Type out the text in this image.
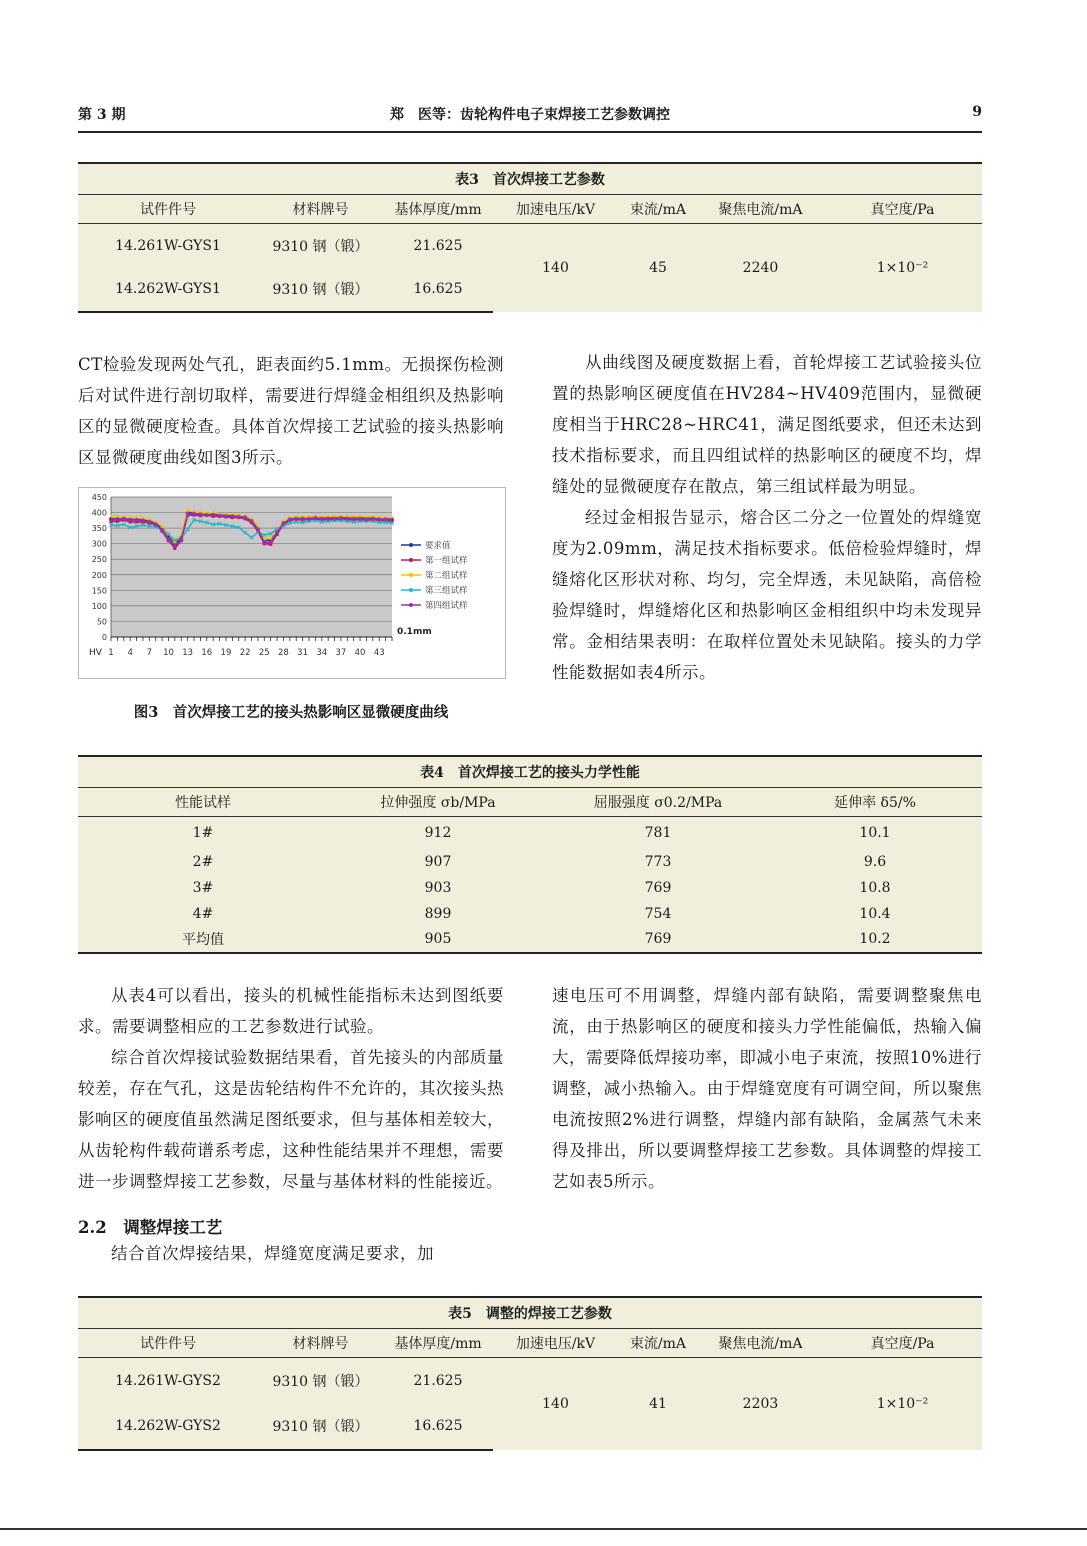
第 3 期	郑　医等：齿轮构件电子束焊接工艺参数调控	9
表3　首次焊接工艺参数						
试件件号	材料牌号	基体厚度/mm	加速电压/kV	束流/mA	聚焦电流/mA	真空度/Pa
14.261W-GYS1	9310 钢（锻）	21.625	140	45	2240	1×10⁻²
14.262W-GYS1	9310 钢（锻）	16.625				

CT检验发现两处气孔，距表面约5.1mm。无损探伤检测后对试件进行剖切取样，需要进行焊缝金相组织及热影响区的显微硬度检查。具体首次焊接工艺试验的接头热影响区显微硬度曲线如图3所示。

0
50
100
150
200
250
300
350
400
450
1 4 7 10 13 16 19 22 25 28 31 34 37 40 43
HV
0.1mm
要求值
第一组试样
第二组试样
第三组试样
第四组试样
图3　首次焊接工艺的接头热影响区显微硬度曲线

从曲线图及硬度数据上看，首轮焊接工艺试验接头位置的热影响区硬度值在HV284~HV409范围内，显微硬度相当于HRC28~HRC41，满足图纸要求，但还未达到技术指标要求，而且四组试样的热影响区的硬度不均，焊缝处的显微硬度存在散点，第三组试样最为明显。

经过金相报告显示，熔合区二分之一位置处的焊缝宽度为2.09mm，满足技术指标要求。低倍检验焊缝时，焊缝熔化区形状对称、均匀，完全焊透，未见缺陷，高倍检验焊缝时，焊缝熔化区和热影响区金相组织中均未发现异常。金相结果表明：在取样位置处未见缺陷。接头的力学性能数据如表4所示。

表4　首次焊接工艺的接头力学性能			
性能试样	拉伸强度 σb/MPa	屈服强度 σ0.2/MPa	延伸率 δ5/%
1#	912	781	10.1
2#	907	773	9.6
3#	903	769	10.8
4#	899	754	10.4
平均值	905	769	10.2

从表4可以看出，接头的机械性能指标未达到图纸要求。需要调整相应的工艺参数进行试验。

综合首次焊接试验数据结果看，首先接头的内部质量较差，存在气孔，这是齿轮结构件不允许的，其次接头热影响区的硬度值虽然满足图纸要求，但与基体相差较大，从齿轮构件载荷谱系考虑，这种性能结果并不理想，需要进一步调整焊接工艺参数，尽量与基体材料的性能接近。

2.2　调整焊接工艺

结合首次焊接结果，焊缝宽度满足要求，加

速电压可不用调整，焊缝内部有缺陷，需要调整聚焦电流，由于热影响区的硬度和接头力学性能偏低，热输入偏大，需要降低焊接功率，即减小电子束流，按照10%进行调整，减小热输入。由于焊缝宽度有可调空间，所以聚焦电流按照2%进行调整，焊缝内部有缺陷，金属蒸气未来得及排出，所以要调整焊接工艺参数。具体调整的焊接工艺如表5所示。

表5　调整的焊接工艺参数						
试件件号	材料牌号	基体厚度/mm	加速电压/kV	束流/mA	聚焦电流/mA	真空度/Pa
14.261W-GYS2	9310 钢（锻）	21.625	140	41	2203	1×10⁻²
14.262W-GYS2	9310 钢（锻）	16.625				
